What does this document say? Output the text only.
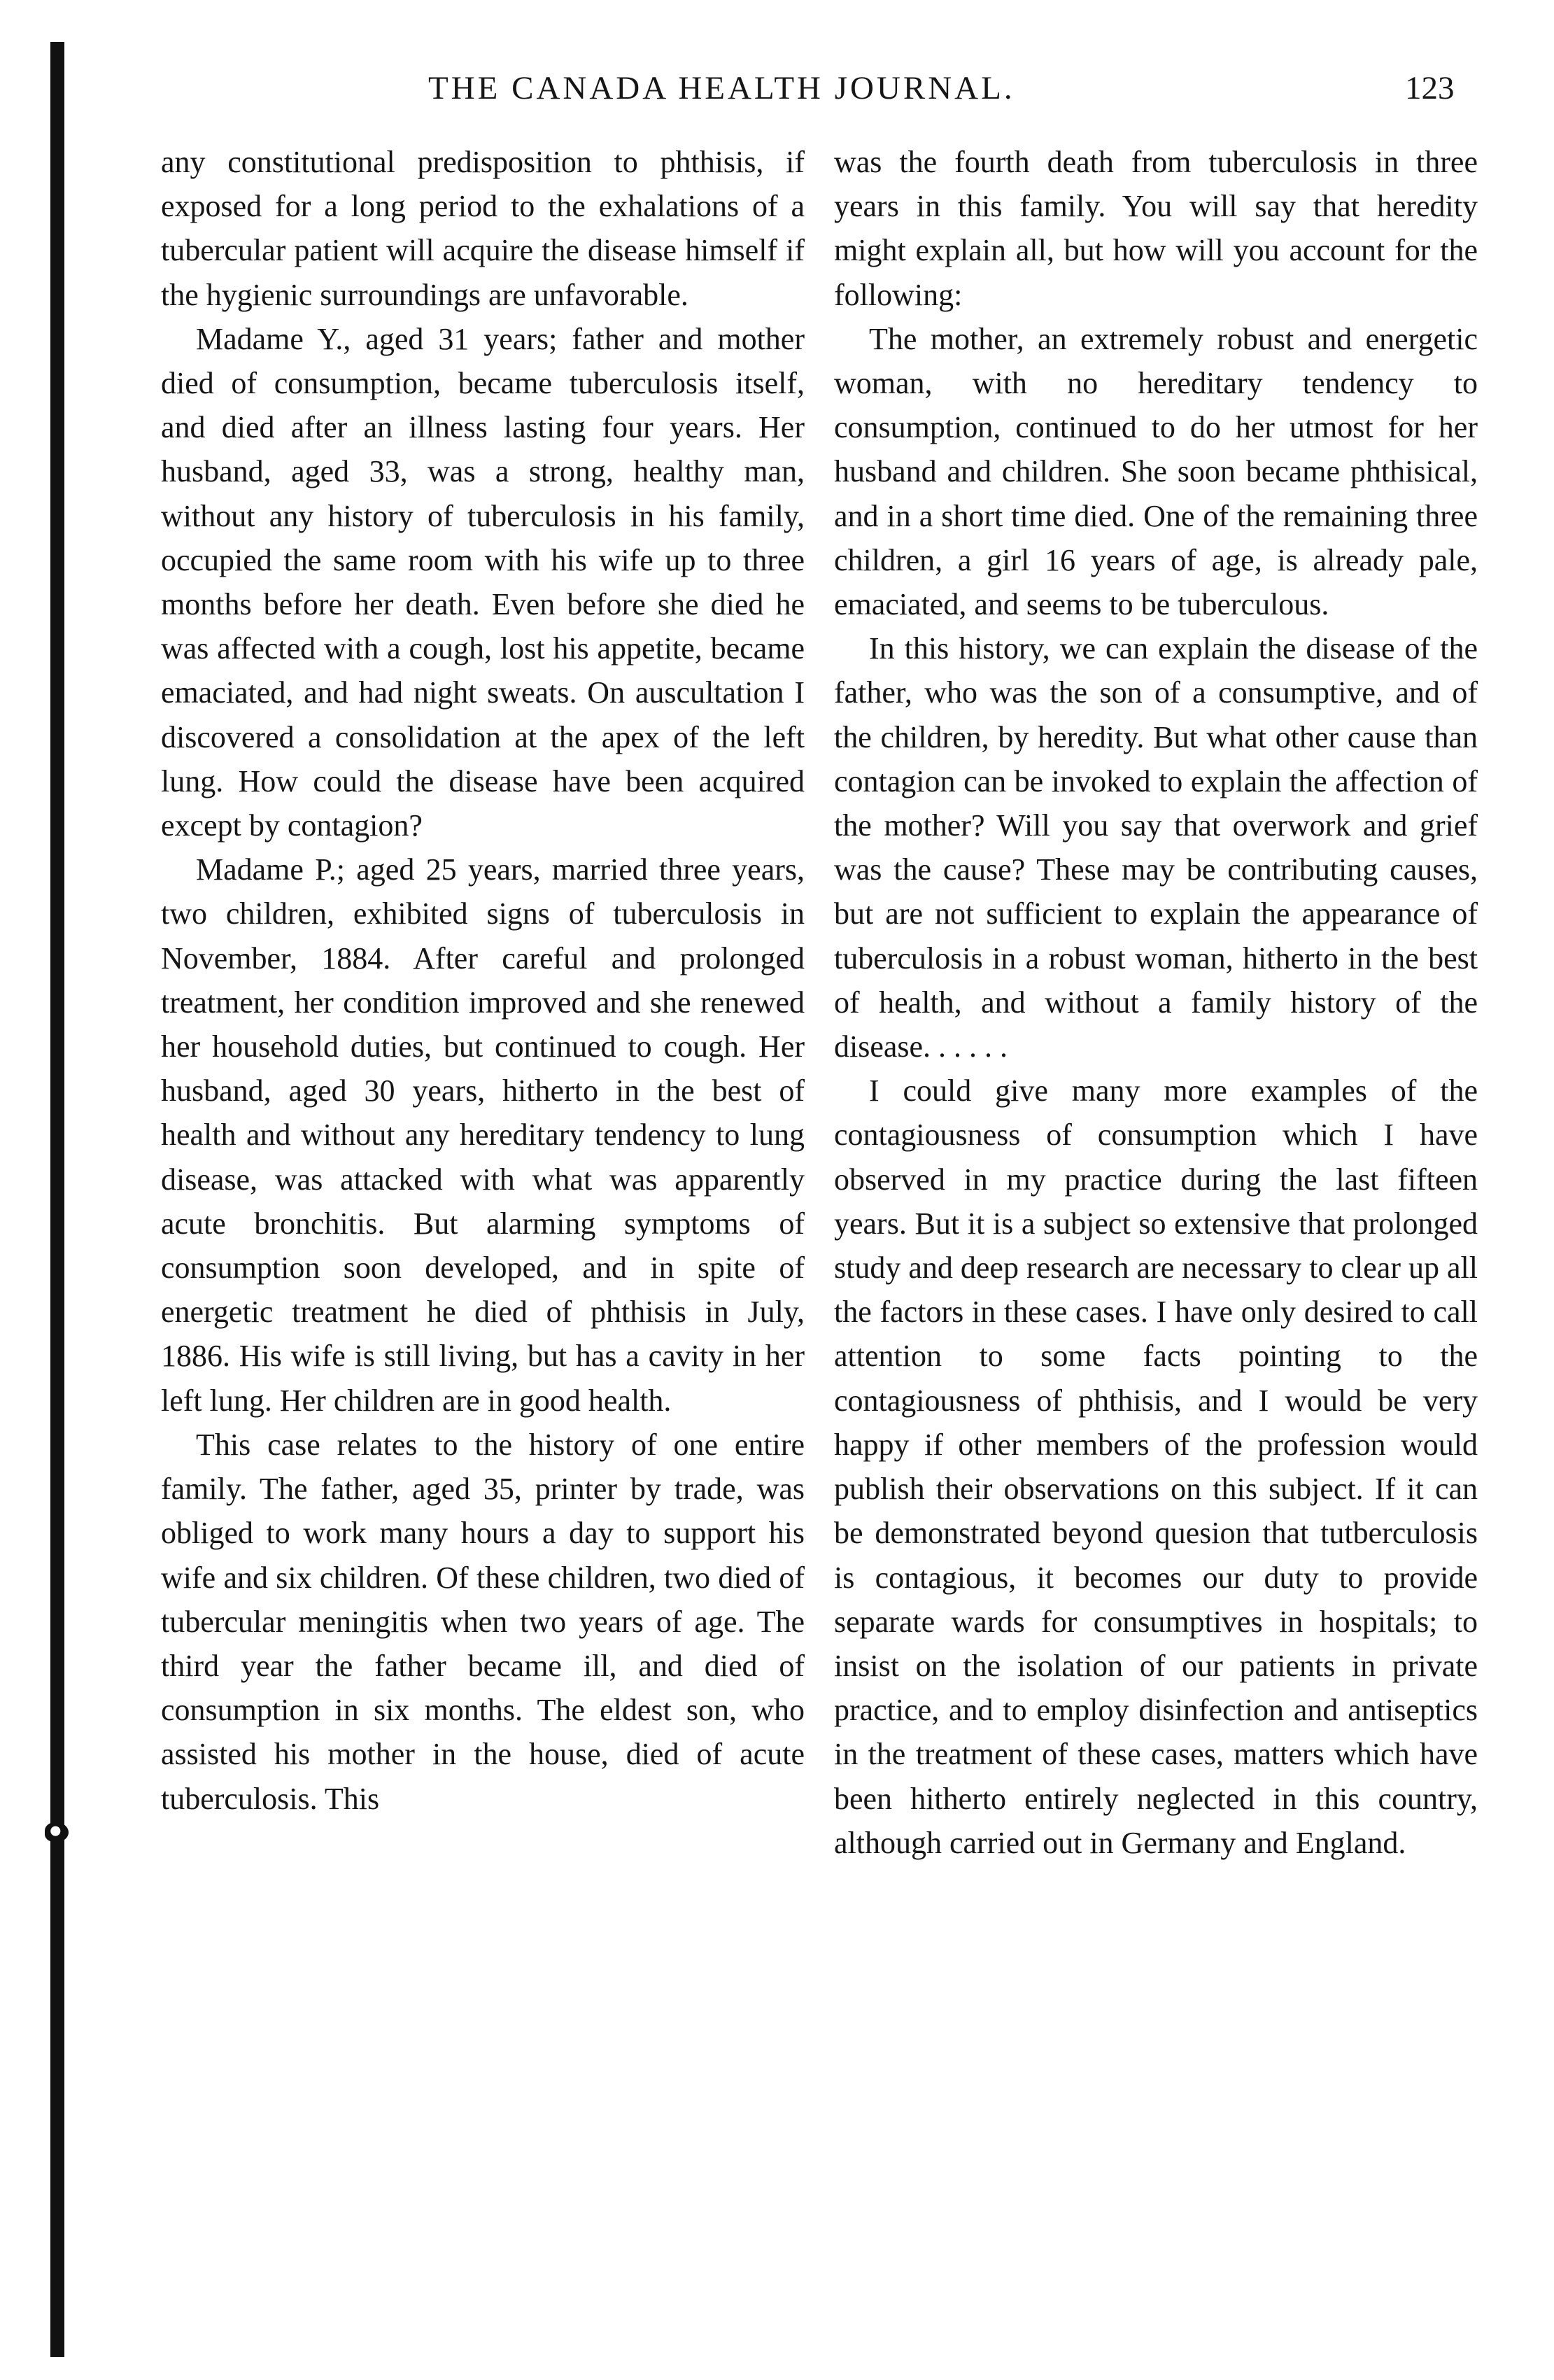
THE CANADA HEALTH JOURNAL.	123

any constitutional predisposition to phthisis, if exposed for a long period to the exhalations of a tubercular patient will acquire the disease himself if the hygienic surroundings are unfavorable.

Madame Y., aged 31 years; father and mother died of consumption, became tuberculosis itself, and died after an illness lasting four years. Her husband, aged 33, was a strong, healthy man, without any history of tuberculosis in his family, occupied the same room with his wife up to three months before her death. Even before she died he was affected with a cough, lost his appetite, became emaciated, and had night sweats. On auscultation I discovered a consolidation at the apex of the left lung. How could the disease have been acquired except by contagion?

Madame P.; aged 25 years, married three years, two children, exhibited signs of tuberculosis in November, 1884. After careful and prolonged treatment, her condition improved and she renewed her household duties, but continued to cough. Her husband, aged 30 years, hitherto in the best of health and without any hereditary tendency to lung disease, was attacked with what was apparently acute bronchitis. But alarming symptoms of consumption soon developed, and in spite of energetic treatment he died of phthisis in July, 1886. His wife is still living, but has a cavity in her left lung. Her children are in good health.

This case relates to the history of one entire family. The father, aged 35, printer by trade, was obliged to work many hours a day to support his wife and six children. Of these children, two died of tubercular meningitis when two years of age. The third year the father became ill, and died of consumption in six months. The eldest son, who assisted his mother in the house, died of acute tuberculosis. This

was the fourth death from tuberculosis in three years in this family. You will say that heredity might explain all, but how will you account for the following:

The mother, an extremely robust and energetic woman, with no hereditary tendency to consumption, continued to do her utmost for her husband and children. She soon became phthisical, and in a short time died. One of the remaining three children, a girl 16 years of age, is already pale, emaciated, and seems to be tuberculous.

In this history, we can explain the disease of the father, who was the son of a consumptive, and of the children, by heredity. But what other cause than contagion can be invoked to explain the affection of the mother? Will you say that overwork and grief was the cause? These may be contributing causes, but are not sufficient to explain the appearance of tuberculosis in a robust woman, hitherto in the best of health, and without a family history of the disease. . . . . .

I could give many more examples of the contagiousness of consumption which I have observed in my practice during the last fifteen years. But it is a subject so extensive that prolonged study and deep research are necessary to clear up all the factors in these cases. I have only desired to call attention to some facts pointing to the contagiousness of phthisis, and I would be very happy if other members of the profession would publish their observations on this subject. If it can be demonstrated beyond quesion that tutberculosis is contagious, it becomes our duty to provide separate wards for consumptives in hospitals; to insist on the isolation of our patients in private practice, and to employ disinfection and antiseptics in the treatment of these cases, matters which have been hitherto entirely neglected in this country, although carried out in Germany and England.
